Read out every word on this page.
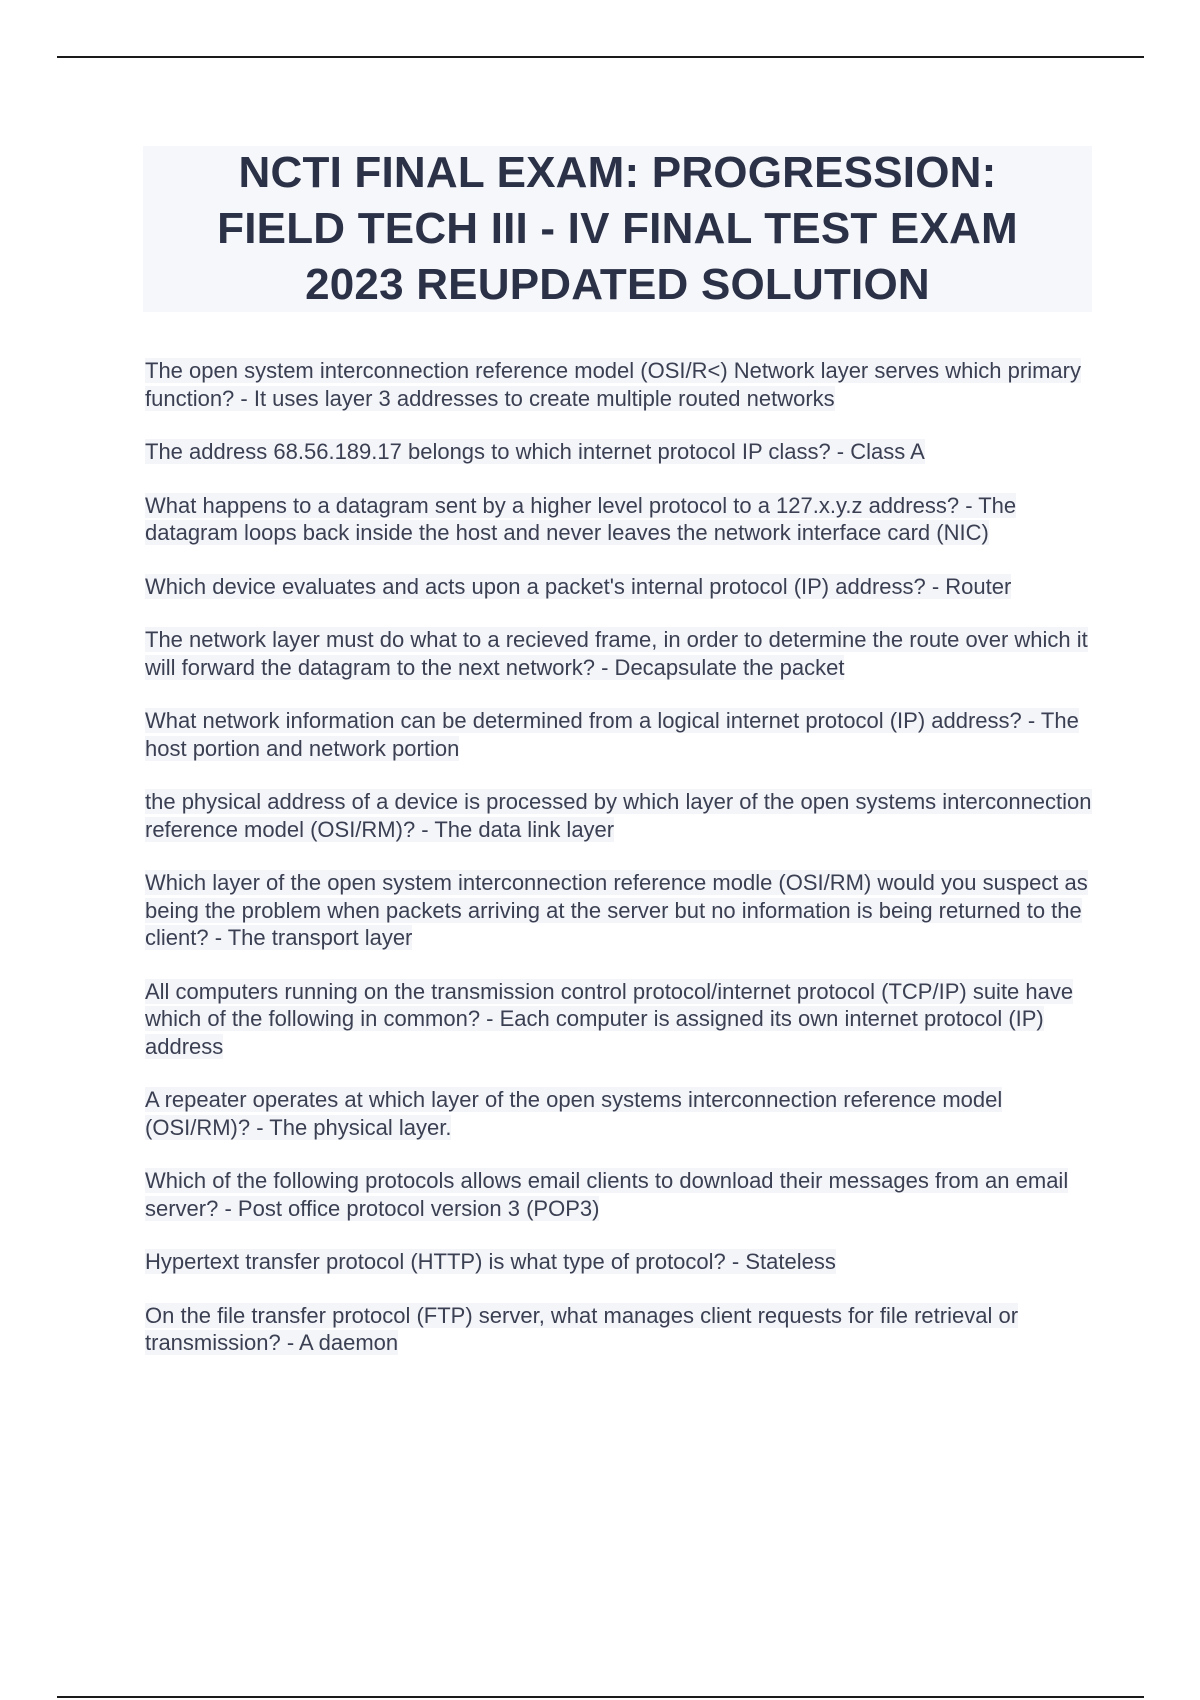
NCTI FINAL EXAM: PROGRESSION:
FIELD TECH III - IV FINAL TEST EXAM
2023 REUPDATED SOLUTION
The open system interconnection reference model (OSI/R<) Network layer serves which primary function? - It uses layer 3 addresses to create multiple routed networks
The address 68.56.189.17 belongs to which internet protocol IP class? - Class A
What happens to a datagram sent by a higher level protocol to a 127.x.y.z address? - The datagram loops back inside the host and never leaves the network interface card (NIC)
Which device evaluates and acts upon a packet's internal protocol (IP) address? - Router
The network layer must do what to a recieved frame, in order to determine the route over which it will forward the datagram to the next network? - Decapsulate the packet
What network information can be determined from a logical internet protocol (IP) address? - The host portion and network portion
the physical address of a device is processed by which layer of the open systems interconnection reference model (OSI/RM)? - The data link layer
Which layer of the open system interconnection reference modle (OSI/RM) would you suspect as being the problem when packets arriving at the server but no information is being returned to the client? - The transport layer
All computers running on the transmission control protocol/internet protocol (TCP/IP) suite have which of the following in common? - Each computer is assigned its own internet protocol (IP) address
A repeater operates at which layer of the open systems interconnection reference model (OSI/RM)? - The physical layer.
Which of the following protocols allows email clients to download their messages from an email server? - Post office protocol version 3 (POP3)
Hypertext transfer protocol (HTTP) is what type of protocol? - Stateless
On the file transfer protocol (FTP) server, what manages client requests for file retrieval or transmission? - A daemon
